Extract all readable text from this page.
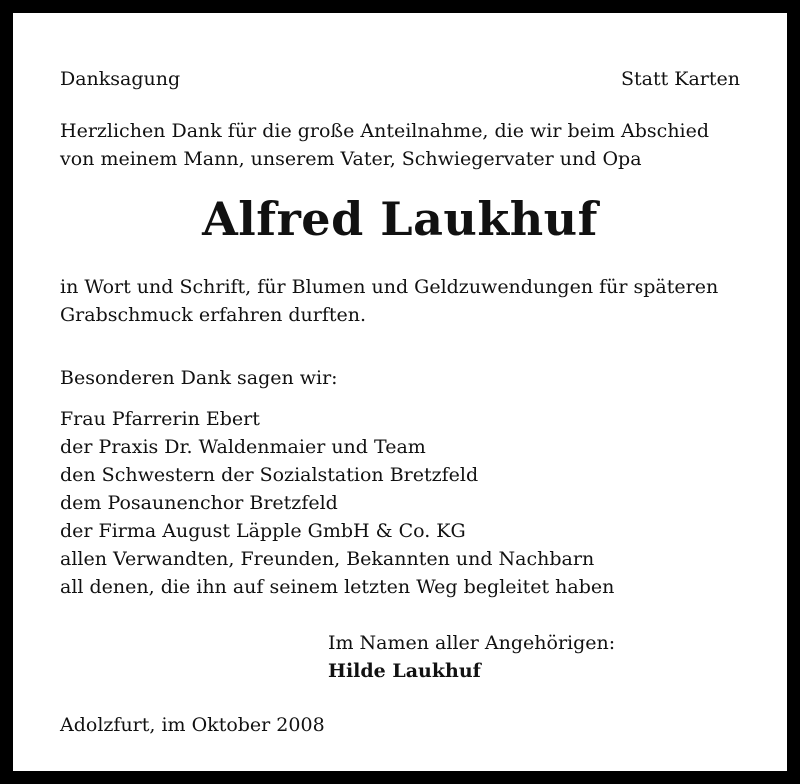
Danksagung	Statt Karten
Herzlichen Dank für die große Anteilnahme, die wir beim Abschied
von meinem Mann, unserem Vater, Schwiegervater und Opa
Alfred Laukhuf
in Wort und Schrift, für Blumen und Geldzuwendungen für späteren
Grabschmuck erfahren durften.
Besonderen Dank sagen wir:
Frau Pfarrerin Ebert
der Praxis Dr. Waldenmaier und Team
den Schwestern der Sozialstation Bretzfeld
dem Posaunenchor Bretzfeld
der Firma August Läpple GmbH & Co. KG
allen Verwandten, Freunden, Bekannten und Nachbarn
all denen, die ihn auf seinem letzten Weg begleitet haben
Im Namen aller Angehörigen:
Hilde Laukhuf
Adolzfurt, im Oktober 2008
